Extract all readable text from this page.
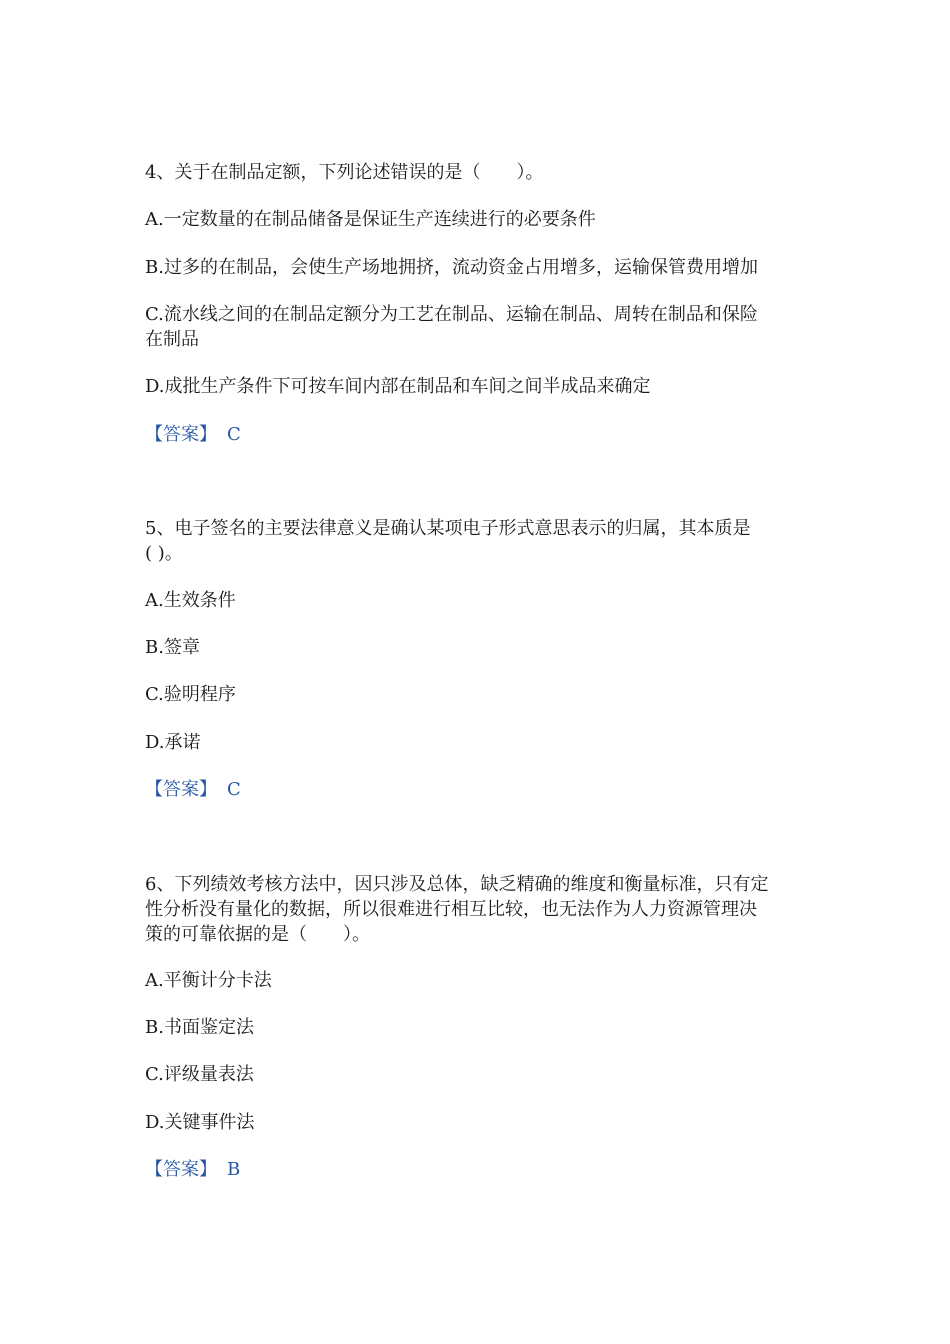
4、关于在制品定额，下列论述错误的是（　　）。
A.一定数量的在制品储备是保证生产连续进行的必要条件
B.过多的在制品，会使生产场地拥挤，流动资金占用增多，运输保管费用增加
C.流水线之间的在制品定额分为工艺在制品、运输在制品、周转在制品和保险
在制品
D.成批生产条件下可按车间内部在制品和车间之间半成品来确定
【答案】 C
5、电子签名的主要法律意义是确认某项电子形式意思表示的归属，其本质是
( )。
A.生效条件
B.签章
C.验明程序
D.承诺
【答案】 C
6、下列绩效考核方法中，因只涉及总体，缺乏精确的维度和衡量标准，只有定
性分析没有量化的数据，所以很难进行相互比较，也无法作为人力资源管理决
策的可靠依据的是（　　）。
A.平衡计分卡法
B.书面鉴定法
C.评级量表法
D.关键事件法
【答案】 B
